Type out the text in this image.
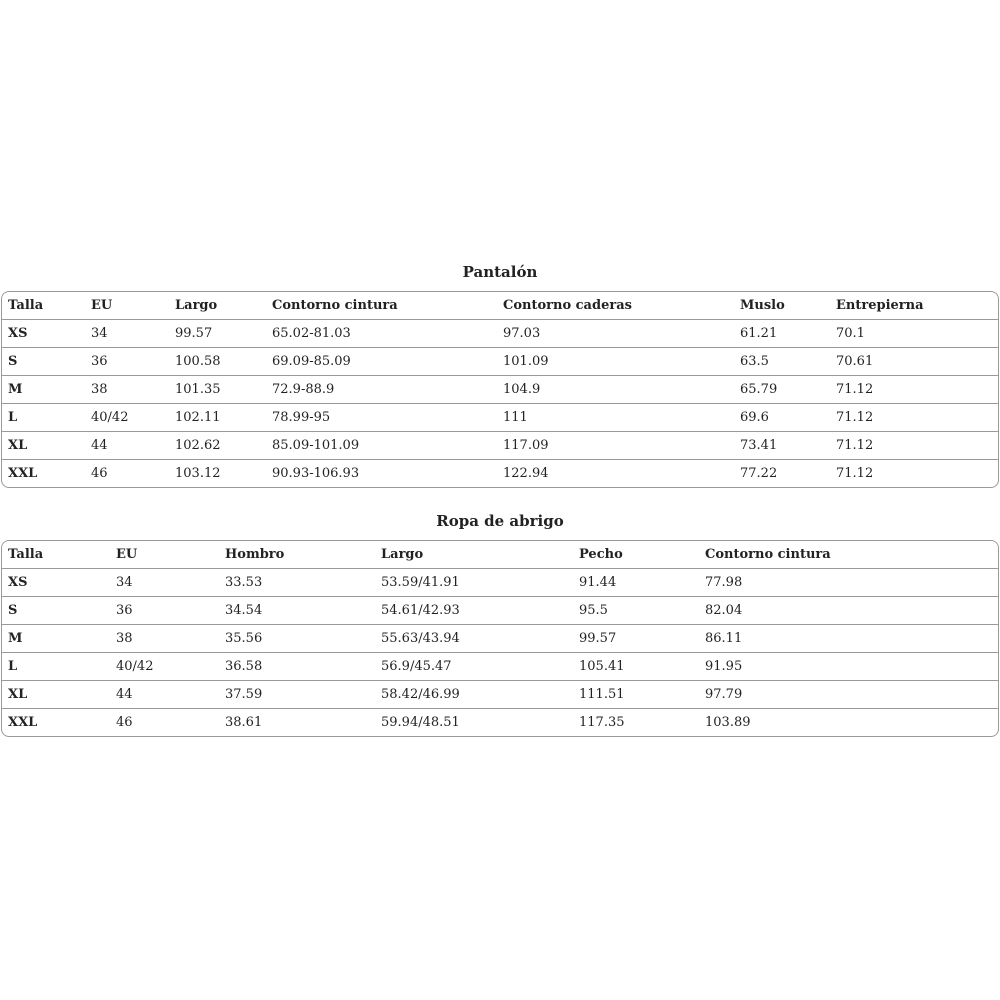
Pantalón
Talla	EU	Largo	Contorno cintura	Contorno caderas	Muslo	Entrepierna
XS	34	99.57	65.02-81.03	97.03	61.21	70.1
S	36	100.58	69.09-85.09	101.09	63.5	70.61
M	38	101.35	72.9-88.9	104.9	65.79	71.12
L	40/42	102.11	78.99-95	111	69.6	71.12
XL	44	102.62	85.09-101.09	117.09	73.41	71.12
XXL	46	103.12	90.93-106.93	122.94	77.22	71.12
Ropa de abrigo
Talla	EU	Hombro	Largo	Pecho	Contorno cintura
XS	34	33.53	53.59/41.91	91.44	77.98
S	36	34.54	54.61/42.93	95.5	82.04
M	38	35.56	55.63/43.94	99.57	86.11
L	40/42	36.58	56.9/45.47	105.41	91.95
XL	44	37.59	58.42/46.99	111.51	97.79
XXL	46	38.61	59.94/48.51	117.35	103.89
